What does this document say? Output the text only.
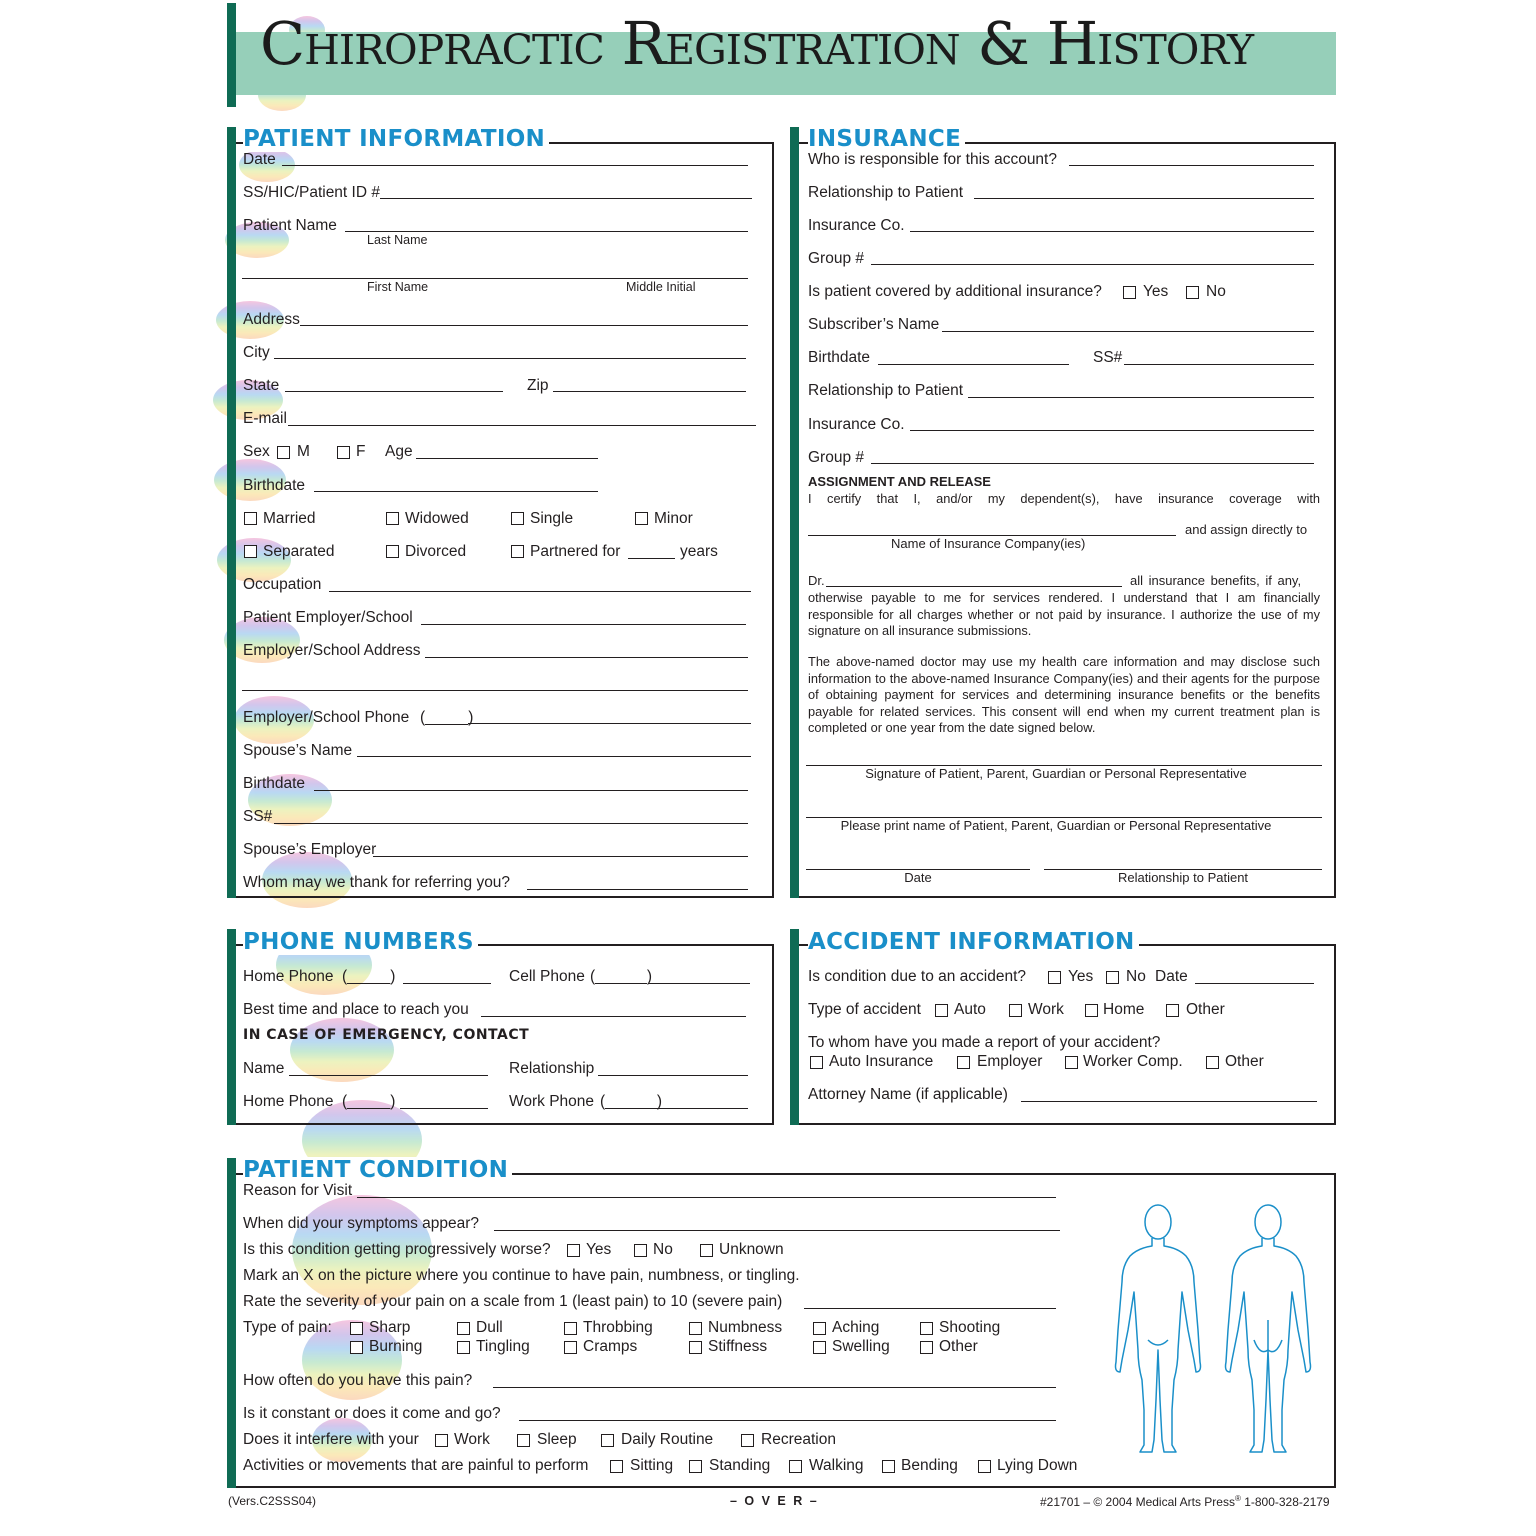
Chiropractic Registration & History
PATIENT INFORMATION
Date
SS/HIC/Patient ID #
Patient Name
Last Name
First Name	Middle Initial
Address
City
State	Zip
E-mail
Sex M	F Age
Birthdate
Married	Widowed	Single	Minor
Separated	Divorced	Partnered for	years
Occupation
Patient Employer/School
Employer/School Address
Employer/School Phone (_____)
Spouse’s Name
Birthdate
SS#
Spouse’s Employer
Whom may we thank for referring you?
INSURANCE
Who is responsible for this account?
Relationship to Patient
Insurance Co.
Group #
Is patient covered by additional insurance?	Yes No
Subscriber’s Name
Birthdate	SS#
Relationship to Patient
Insurance Co.
Group #
ASSIGNMENT AND RELEASE
I certify that I, and/or my dependent(s), have insurance coverage with
and assign directly to
Name of Insurance Company(ies)
Dr.	all insurance benefits, if any,
otherwise payable to me for services rendered. I understand that I am financially responsible for all charges whether or not paid by insurance. I authorize the use of my signature on all insurance submissions.
The above-named doctor may use my health care information and may disclose such information to the above-named Insurance Company(ies) and their agents for the purpose of obtaining payment for services and determining insurance benefits or the benefits payable for related services. This consent will end when my current treatment plan is completed or one year from the date signed below.
Signature of Patient, Parent, Guardian or Personal Representative
Please print name of Patient, Parent, Guardian or Personal Representative
Date	Relationship to Patient
PHONE NUMBERS
Home Phone (_____)	Cell Phone (______)
Best time and place to reach you
IN CASE OF EMERGENCY, CONTACT
Name	Relationship
Home Phone (_____)	Work Phone (______)
ACCIDENT INFORMATION
Is condition due to an accident?	Yes No Date
Type of accident Auto	Work	Home	Other
To whom have you made a report of your accident?
Auto Insurance	Employer	Worker Comp.	Other
Attorney Name (if applicable)
PATIENT CONDITION
Reason for Visit
When did your symptoms appear?
Is this condition getting progressively worse? Yes	No	Unknown
Mark an X on the picture where you continue to have pain, numbness, or tingling.
Rate the severity of your pain on a scale from 1 (least pain) to 10 (severe pain)
Type of pain: Sharp	Dull	Throbbing	Numbness	Aching	Shooting
Burning	Tingling	Cramps	Stiffness	Swelling	Other
How often do you have this pain?
Is it constant or does it come and go?
Does it interfere with your Work	Sleep	Daily Routine	Recreation
Activities or movements that are painful to perform	Sitting Standing	Walking Bending	Lying Down
(Vers.C2SSS04)	– O V E R –	#21701 – © 2004 Medical Arts Press® 1-800-328-2179
